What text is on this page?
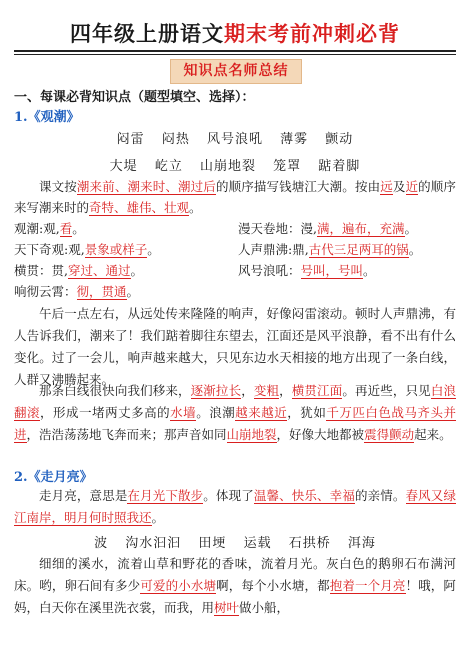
四年级上册语文期末考前冲刺必背
知识点名师总结
一、每课必背知识点（题型填空、选择）：
1.《观潮》
闷雷 闷热 风号浪吼 薄雾 颤动
大堤 屹立 山崩地裂 笼罩 踮着脚
课文按潮来前、潮来时、潮过后的顺序描写钱塘江大潮。按由远及近的顺序来写潮来时的奇特、雄伟、壮观。
观潮:观,看。	漫天卷地：漫,满，遍布，充满。
天下奇观:观,景象或样子。	人声鼎沸:鼎,古代三足两耳的锅。
横贯：贯,穿过、通过。	风号浪吼：号叫，号叫。
响彻云霄：彻，贯通。
午后一点左右，从远处传来隆隆的响声，好像闷雷滚动。顿时人声鼎沸，有人告诉我们，潮来了！我们踮着脚往东望去，江面还是风平浪静，看不出有什么变化。过了一会儿，响声越来越大，只见东边水天相接的地方出现了一条白线，人群又沸腾起来。
那条白线很快向我们移来，逐渐拉长，变粗，横贯江面。再近些，只见白浪翻滚，形成一堵两丈多高的水墙。浪潮越来越近，犹如千万匹白色战马齐头并进，浩浩荡荡地飞奔而来；那声音如同山崩地裂，好像大地都被震得颤动起来。
2.《走月亮》
走月亮，意思是在月光下散步。体现了温馨、快乐、幸福的亲情。春风又绿江南岸，明月何时照我还。
波 沟水汩汩 田埂 运载 石拱桥 洱海
细细的溪水，流着山草和野花的香味，流着月光。灰白色的鹅卵石布满河床。哟，卵石间有多少可爱的小水塘啊，每个小水塘，都抱着一个月亮！哦，阿妈，白天你在溪里洗衣裳，而我，用树叶做小船，
